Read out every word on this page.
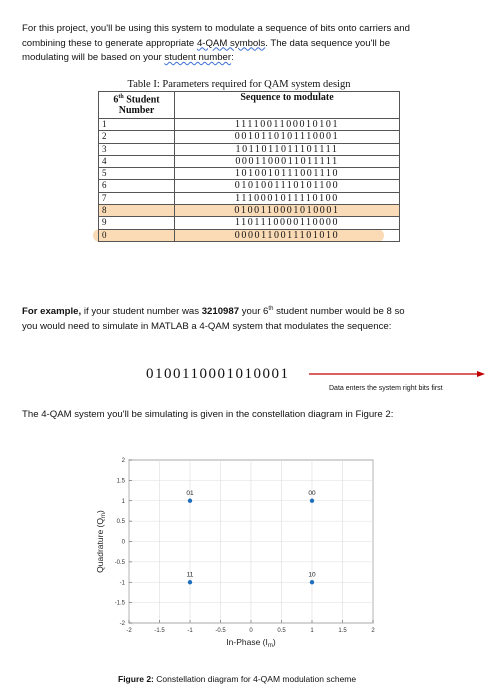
For this project, you'll be using this system to modulate a sequence of bits onto carriers and
combining these to generate appropriate 4-QAM symbols. The data sequence you'll be
modulating will be based on your student number:
Table I: Parameters required for QAM system design
6th Student
Number	Sequence to modulate
1	1111001100010101
2	0010110101110001
3	1011011011101111
4	0001100011011111
5	1010010111001110
6	0101001110101100
7	1110001011110100
8	0100110001010001
9	1101110000110000
0	0000110011101010
For example, if your student number was 3210987 your 6th student number would be 8 so
you would need to simulate in MATLAB a 4-QAM system that modulates the sequence:
0100110001010001
Data enters the system right bits first
The 4-QAM system you'll be simulating is given in the constellation diagram in Figure 2:
-2	-1.5	-1	-0.5	0	0.5	1	1.5	2
-2
-1.5
-1
-0.5
0
0.5
1
1.5
2
01	00
11	10
In-Phase $(I_m)$
Quadrature $(Q_m)$
Figure 2: Constellation diagram for 4-QAM modulation scheme
